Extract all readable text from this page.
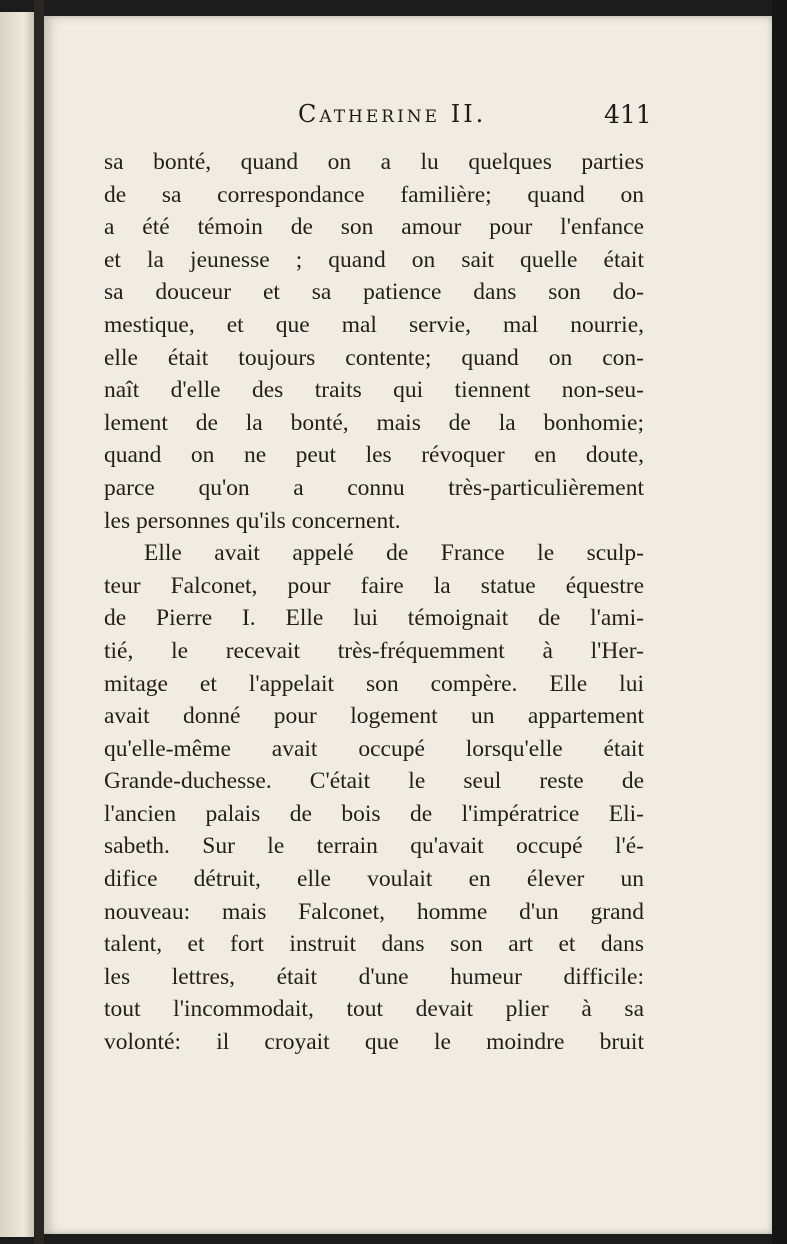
Catherine II.	411
sa bonté, quand on a lu quelques parties
de sa correspondance familière; quand on
a été témoin de son amour pour l'enfance
et la jeunesse ; quand on sait quelle était
sa douceur et sa patience dans son do-
mestique, et que mal servie, mal nourrie,
elle était toujours contente; quand on con-
naît d'elle des traits qui tiennent non-seu-
lement de la bonté, mais de la bonhomie;
quand on ne peut les révoquer en doute,
parce qu'on a connu très-particulièrement
les personnes qu'ils concernent.
Elle avait appelé de France le sculp-
teur Falconet, pour faire la statue équestre
de Pierre I. Elle lui témoignait de l'ami-
tié, le recevait très-fréquemment à l'Her-
mitage et l'appelait son compère. Elle lui
avait donné pour logement un appartement
qu'elle-même avait occupé lorsqu'elle était
Grande-duchesse. C'était le seul reste de
l'ancien palais de bois de l'impératrice Eli-
sabeth. Sur le terrain qu'avait occupé l'é-
difice détruit, elle voulait en élever un
nouveau: mais Falconet, homme d'un grand
talent, et fort instruit dans son art et dans
les lettres, était d'une humeur difficile:
tout l'incommodait, tout devait plier à sa
volonté: il croyait que le moindre bruit
